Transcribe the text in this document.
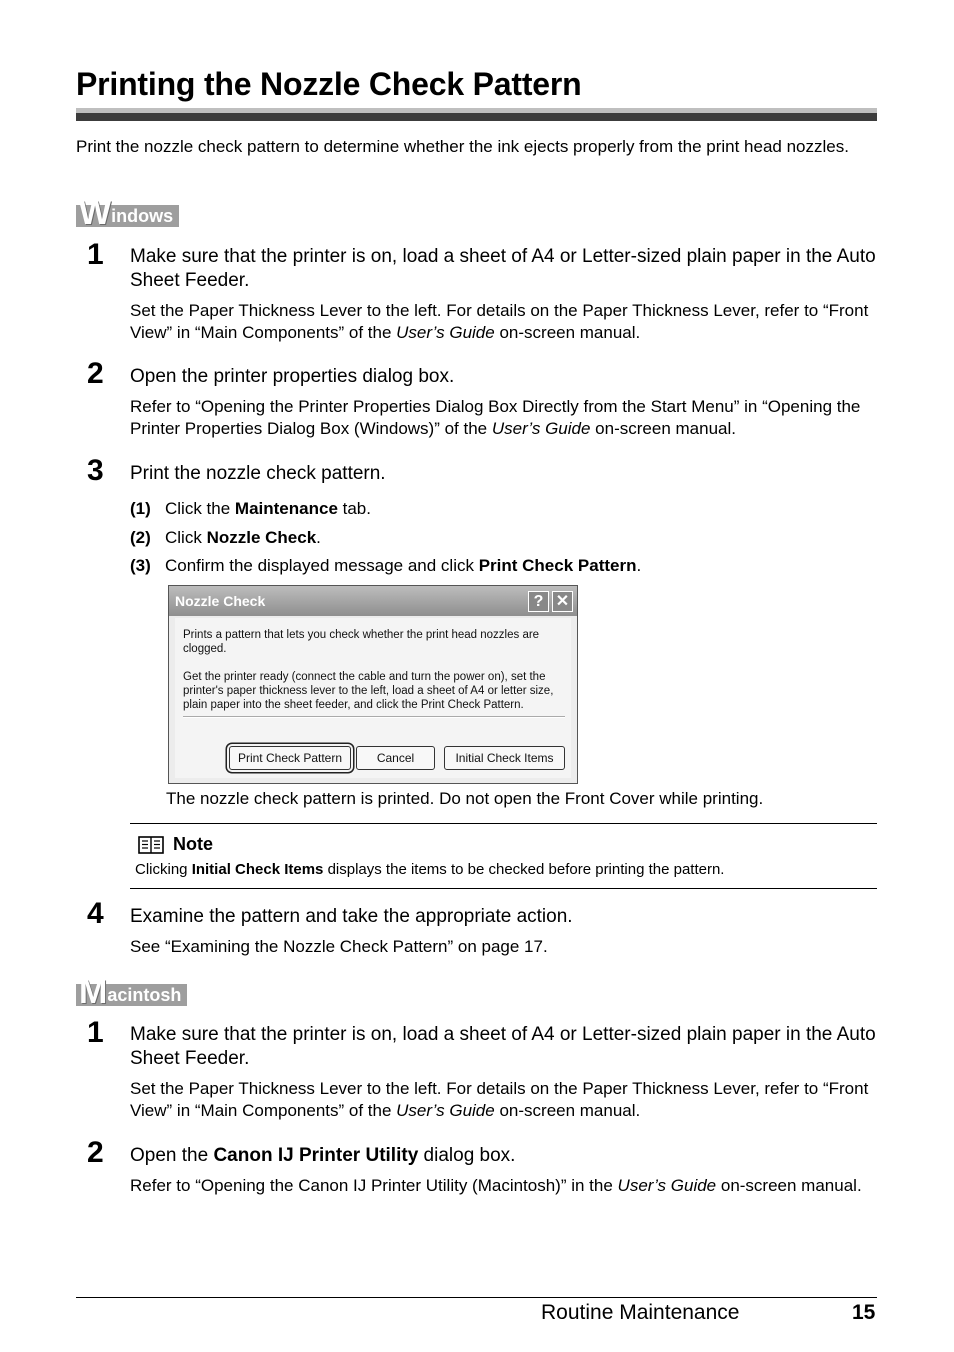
Printing the Nozzle Check Pattern
Print the nozzle check pattern to determine whether the ink ejects properly from the print head nozzles.
W indows
1 Make sure that the printer is on, load a sheet of A4 or Letter-sized plain paper in the Auto Sheet Feeder.
Set the Paper Thickness Lever to the left. For details on the Paper Thickness Lever, refer to “Front View” in “Main Components” of the User’s Guide on-screen manual.
2 Open the printer properties dialog box.
Refer to “Opening the Printer Properties Dialog Box Directly from the Start Menu” in “Opening the Printer Properties Dialog Box (Windows)” of the User’s Guide on-screen manual.
3 Print the nozzle check pattern.
(1) Click the Maintenance tab.
(2) Click Nozzle Check.
(3) Confirm the displayed message and click Print Check Pattern.
Nozzle Check	? ✕
Prints a pattern that lets you check whether the print head nozzles are clogged.
Get the printer ready (connect the cable and turn the power on), set the printer's paper thickness lever to the left, load a sheet of A4 or letter size, plain paper into the sheet feeder, and click the Print Check Pattern.
Print Check Pattern	Cancel	Initial Check Items
The nozzle check pattern is printed. Do not open the Front Cover while printing.
Note
Clicking Initial Check Items displays the items to be checked before printing the pattern.
4 Examine the pattern and take the appropriate action.
See “Examining the Nozzle Check Pattern” on page 17.
M acintosh
1 Make sure that the printer is on, load a sheet of A4 or Letter-sized plain paper in the Auto Sheet Feeder.
Set the Paper Thickness Lever to the left. For details on the Paper Thickness Lever, refer to “Front View” in “Main Components” of the User’s Guide on-screen manual.
2 Open the Canon IJ Printer Utility dialog box.
Refer to “Opening the Canon IJ Printer Utility (Macintosh)” in the User’s Guide on-screen manual.
Routine Maintenance	15
